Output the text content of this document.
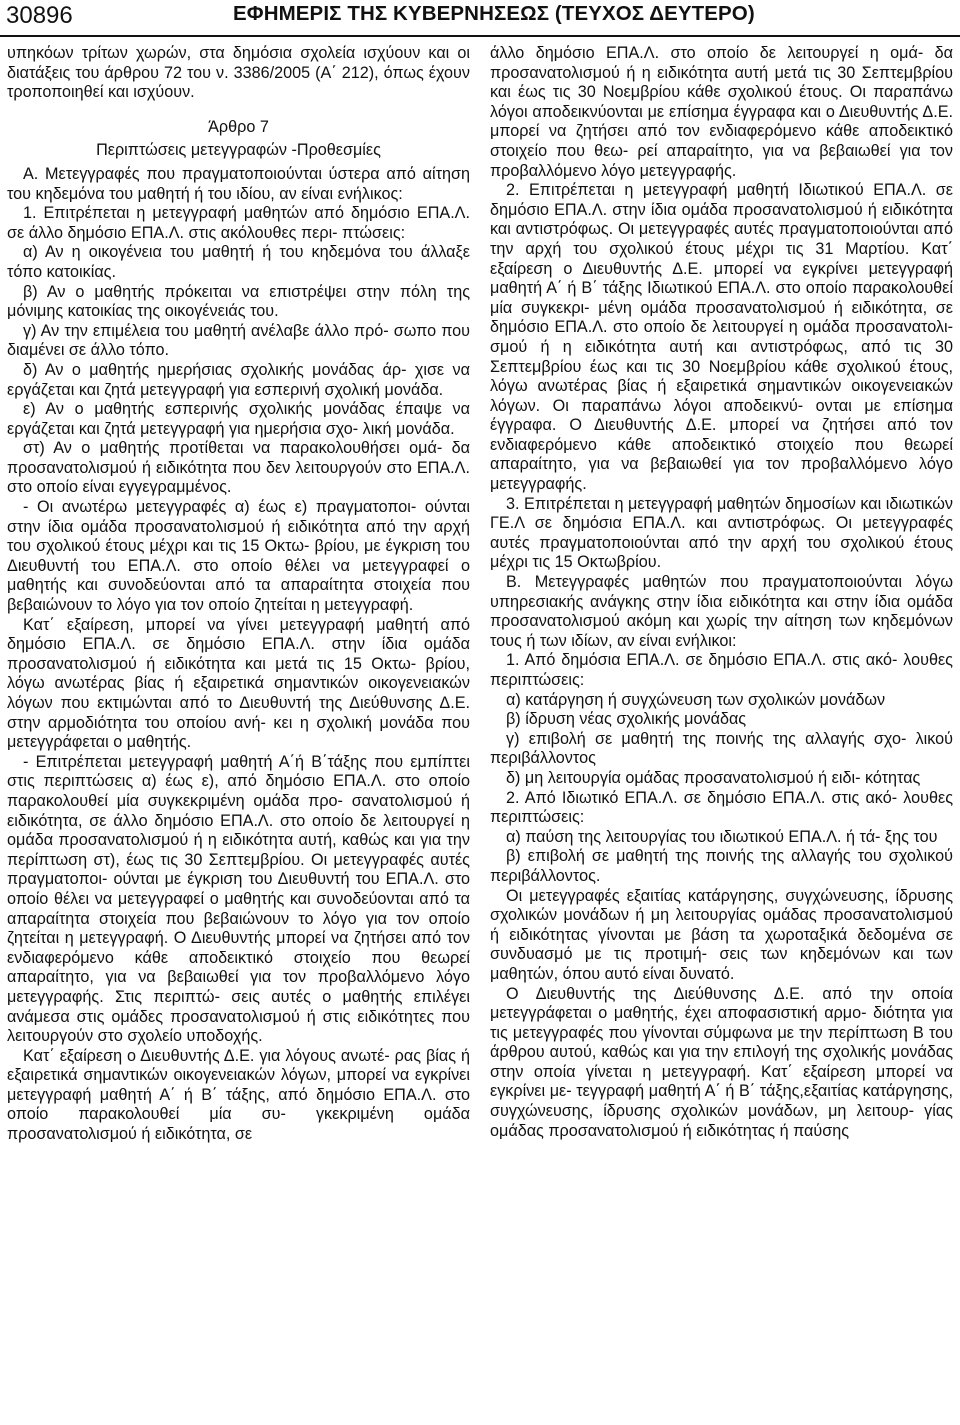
30896	ΕΦΗΜΕΡΙΣ ΤΗΣ ΚΥΒΕΡΝΗΣΕΩΣ (ΤΕΥΧΟΣ ΔΕΥΤΕΡΟ)

υπηκόων τρίτων χωρών, στα δημόσια σχολεία ισχύουν και οι διατάξεις του άρθρου 72 του ν. 3386/2005 (Α΄ 212), όπως έχουν τροποποιηθεί και ισχύουν.

Άρθρο 7

Περιπτώσεις μετεγγραφών ‑Προθεσμίες

Α. Μετεγγραφές που πραγματοποιούνται ύστερα από αίτηση του κηδεμόνα του μαθητή ή του ιδίου, αν είναι ενήλικος:

1. Επιτρέπεται η μετεγγραφή μαθητών από δημόσιο ΕΠΑ.Λ. σε άλλο δημόσιο ΕΠΑ.Λ. στις ακόλουθες περι‑ πτώσεις:

α) Αν η οικογένεια του μαθητή ή του κηδεμόνα του άλλαξε τόπο κατοικίας.

β) Αν ο μαθητής πρόκειται να επιστρέψει στην πόλη της μόνιμης κατοικίας της οικογένειάς του.

γ) Αν την επιμέλεια του μαθητή ανέλαβε άλλο πρό‑ σωπο που διαμένει σε άλλο τόπο.

δ) Αν ο μαθητής ημερήσιας σχολικής μονάδας άρ‑ χισε να εργάζεται και ζητά μετεγγραφή για εσπερινή σχολική μονάδα.

ε) Αν ο μαθητής εσπερινής σχολικής μονάδας έπαψε να εργάζεται και ζητά μετεγγραφή για ημερήσια σχο‑ λική μονάδα.

στ) Αν ο μαθητής προτίθεται να παρακολουθήσει ομά‑ δα προσανατολισμού ή ειδικότητα που δεν λειτουργούν στο ΕΠΑ.Λ. στο οποίο είναι εγγεγραμμένος.

‑ Οι ανωτέρω μετεγγραφές α) έως ε) πραγματοποι‑ ούνται στην ίδια ομάδα προσανατολισμού ή ειδικότητα από την αρχή του σχολικού έτους μέχρι και τις 15 Οκτω‑ βρίου, με έγκριση του Διευθυντή του ΕΠΑ.Λ. στο οποίο θέλει να μετεγγραφεί ο μαθητής και συνοδεύονται από τα απαραίτητα στοιχεία που βεβαιώνουν το λόγο για τον οποίο ζητείται η μετεγγραφή.

Κατ΄ εξαίρεση, μπορεί να γίνει μετεγγραφή μαθητή από δημόσιο ΕΠΑ.Λ. σε δημόσιο ΕΠΑ.Λ. στην ίδια ομάδα προσανατολισμού ή ειδικότητα και μετά τις 15 Οκτω‑ βρίου, λόγω ανωτέρας βίας ή εξαιρετικά σημαντικών οικογενειακών λόγων που εκτιμώνται από το Διευθυντή της Διεύθυνσης Δ.Ε. στην αρμοδιότητα του οποίου ανή‑ κει η σχολική μονάδα που μετεγγράφεται ο μαθητής.

‑ Επιτρέπεται μετεγγραφή μαθητή Α΄ή Β΄τάξης που εμπίπτει στις περιπτώσεις α) έως ε), από δημόσιο ΕΠΑ.Λ. στο οποίο παρακολουθεί μία συγκεκριμένη ομάδα προ‑ σανατολισμού ή ειδικότητα, σε άλλο δημόσιο ΕΠΑ.Λ. στο οποίο δε λειτουργεί η ομάδα προσανατολισμού ή η ειδικότητα αυτή, καθώς και για την περίπτωση στ), έως τις 30 Σεπτεμβρίου. Οι μετεγγραφές αυτές πραγματοποι‑ ούνται με έγκριση του Διευθυντή του ΕΠΑ.Λ. στο οποίο θέλει να μετεγγραφεί ο μαθητής και συνοδεύονται από τα απαραίτητα στοιχεία που βεβαιώνουν το λόγο για τον οποίο ζητείται η μετεγγραφή. Ο Διευθυντής μπορεί να ζητήσει από τον ενδιαφερόμενο κάθε αποδεικτικό στοιχείο που θεωρεί απαραίτητο, για να βεβαιωθεί για τον προβαλλόμενο λόγο μετεγγραφής. Στις περιπτώ‑ σεις αυτές ο μαθητής επιλέγει ανάμεσα στις ομάδες προσανατολισμού ή στις ειδικότητες που λειτουργούν στο σχολείο υποδοχής.

Κατ΄ εξαίρεση ο Διευθυντής Δ.Ε. για λόγους ανωτέ‑ ρας βίας ή εξαιρετικά σημαντικών οικογενειακών λόγων, μπορεί να εγκρίνει μετεγγραφή μαθητή Α΄ ή Β΄ τάξης, από δημόσιο ΕΠΑ.Λ. στο οποίο παρακολουθεί μία συ‑ γκεκριμένη ομάδα προσανατολισμού ή ειδικότητα, σε

άλλο δημόσιο ΕΠΑ.Λ. στο οποίο δε λειτουργεί η ομά‑ δα προσανατολισμού ή η ειδικότητα αυτή μετά τις 30 Σεπτεμβρίου και έως τις 30 Νοεμβρίου κάθε σχολικού έτους. Οι παραπάνω λόγοι αποδεικνύονται με επίσημα έγγραφα και ο Διευθυντής Δ.Ε. μπορεί να ζητήσει από τον ενδιαφερόμενο κάθε αποδεικτικό στοιχείο που θεω‑ ρεί απαραίτητο, για να βεβαιωθεί για τον προβαλλόμενο λόγο μετεγγραφής.

2. Επιτρέπεται η μετεγγραφή μαθητή Ιδιωτικού ΕΠΑ.Λ. σε δημόσιο ΕΠΑ.Λ. στην ίδια ομάδα προσανατολισμού ή ειδικότητα και αντιστρόφως. Οι μετεγγραφές αυτές πραγματοποιούνται από την αρχή του σχολικού έτους μέχρι τις 31 Μαρτίου. Κατ΄ εξαίρεση ο Διευθυντής Δ.Ε. μπορεί να εγκρίνει μετεγγραφή μαθητή Α΄ ή Β΄ τάξης Ιδιωτικού ΕΠΑ.Λ. στο οποίο παρακολουθεί μία συγκεκρι‑ μένη ομάδα προσανατολισμού ή ειδικότητα, σε δημόσιο ΕΠΑ.Λ. στο οποίο δε λειτουργεί η ομάδα προσανατολι‑ σμού ή η ειδικότητα αυτή και αντιστρόφως, από τις 30 Σεπτεμβρίου έως και τις 30 Νοεμβρίου κάθε σχολικού έτους, λόγω ανωτέρας βίας ή εξαιρετικά σημαντικών οικογενειακών λόγων. Οι παραπάνω λόγοι αποδεικνύ‑ ονται με επίσημα έγγραφα. Ο Διευθυντής Δ.Ε. μπορεί να ζητήσει από τον ενδιαφερόμενο κάθε αποδεικτικό στοιχείο που θεωρεί απαραίτητο, για να βεβαιωθεί για τον προβαλλόμενο λόγο μετεγγραφής.

3. Επιτρέπεται η μετεγγραφή μαθητών δημοσίων και ιδιωτικών ΓΕ.Λ σε δημόσια ΕΠΑ.Λ. και αντιστρόφως. Οι μετεγγραφές αυτές πραγματοποιούνται από την αρχή του σχολικού έτους μέχρι τις 15 Οκτωβρίου.

Β. Μετεγγραφές μαθητών που πραγματοποιούνται λόγω υπηρεσιακής ανάγκης στην ίδια ειδικότητα και στην ίδια ομάδα προσανατολισμού ακόμη και χωρίς την αίτηση των κηδεμόνων τους ή των ιδίων, αν είναι ενήλικοι:

1. Από δημόσια ΕΠΑ.Λ. σε δημόσιο ΕΠΑ.Λ. στις ακό‑ λουθες περιπτώσεις:

α) κατάργηση ή συγχώνευση των σχολικών μονάδων

β) ίδρυση νέας σχολικής μονάδας

γ) επιβολή σε μαθητή της ποινής της αλλαγής σχο‑ λικού περιβάλλοντος

δ) μη λειτουργία ομάδας προσανατολισμού ή ειδι‑ κότητας

2. Από Ιδιωτικό ΕΠΑ.Λ. σε δημόσιο ΕΠΑ.Λ. στις ακό‑ λουθες περιπτώσεις:

α) παύση της λειτουργίας του ιδιωτικού ΕΠΑ.Λ. ή τά‑ ξης του

β) επιβολή σε μαθητή της ποινής της αλλαγής του σχολικού περιβάλλοντος.

Οι μετεγγραφές εξαιτίας κατάργησης, συγχώνευσης, ίδρυσης σχολικών μονάδων ή μη λειτουργίας ομάδας προσανατολισμού ή ειδικότητας γίνονται με βάση τα χωροταξικά δεδομένα σε συνδυασμό με τις προτιμή‑ σεις των κηδεμόνων και των μαθητών, όπου αυτό είναι δυνατό.

Ο Διευθυντής της Διεύθυνσης Δ.Ε. από την οποία μετεγγράφεται ο μαθητής, έχει αποφασιστική αρμο‑ διότητα για τις μετεγγραφές που γίνονται σύμφωνα με την περίπτωση Β του άρθρου αυτού, καθώς και για την επιλογή της σχολικής μονάδας στην οποία γίνεται η μετεγγραφή. Κατ΄ εξαίρεση μπορεί να εγκρίνει με‑ τεγγραφή μαθητή Α΄ ή Β΄ τάξης,εξαιτίας κατάργησης, συγχώνευσης, ίδρυσης σχολικών μονάδων, μη λειτουρ‑ γίας ομάδας προσανατολισμού ή ειδικότητας ή παύσης
